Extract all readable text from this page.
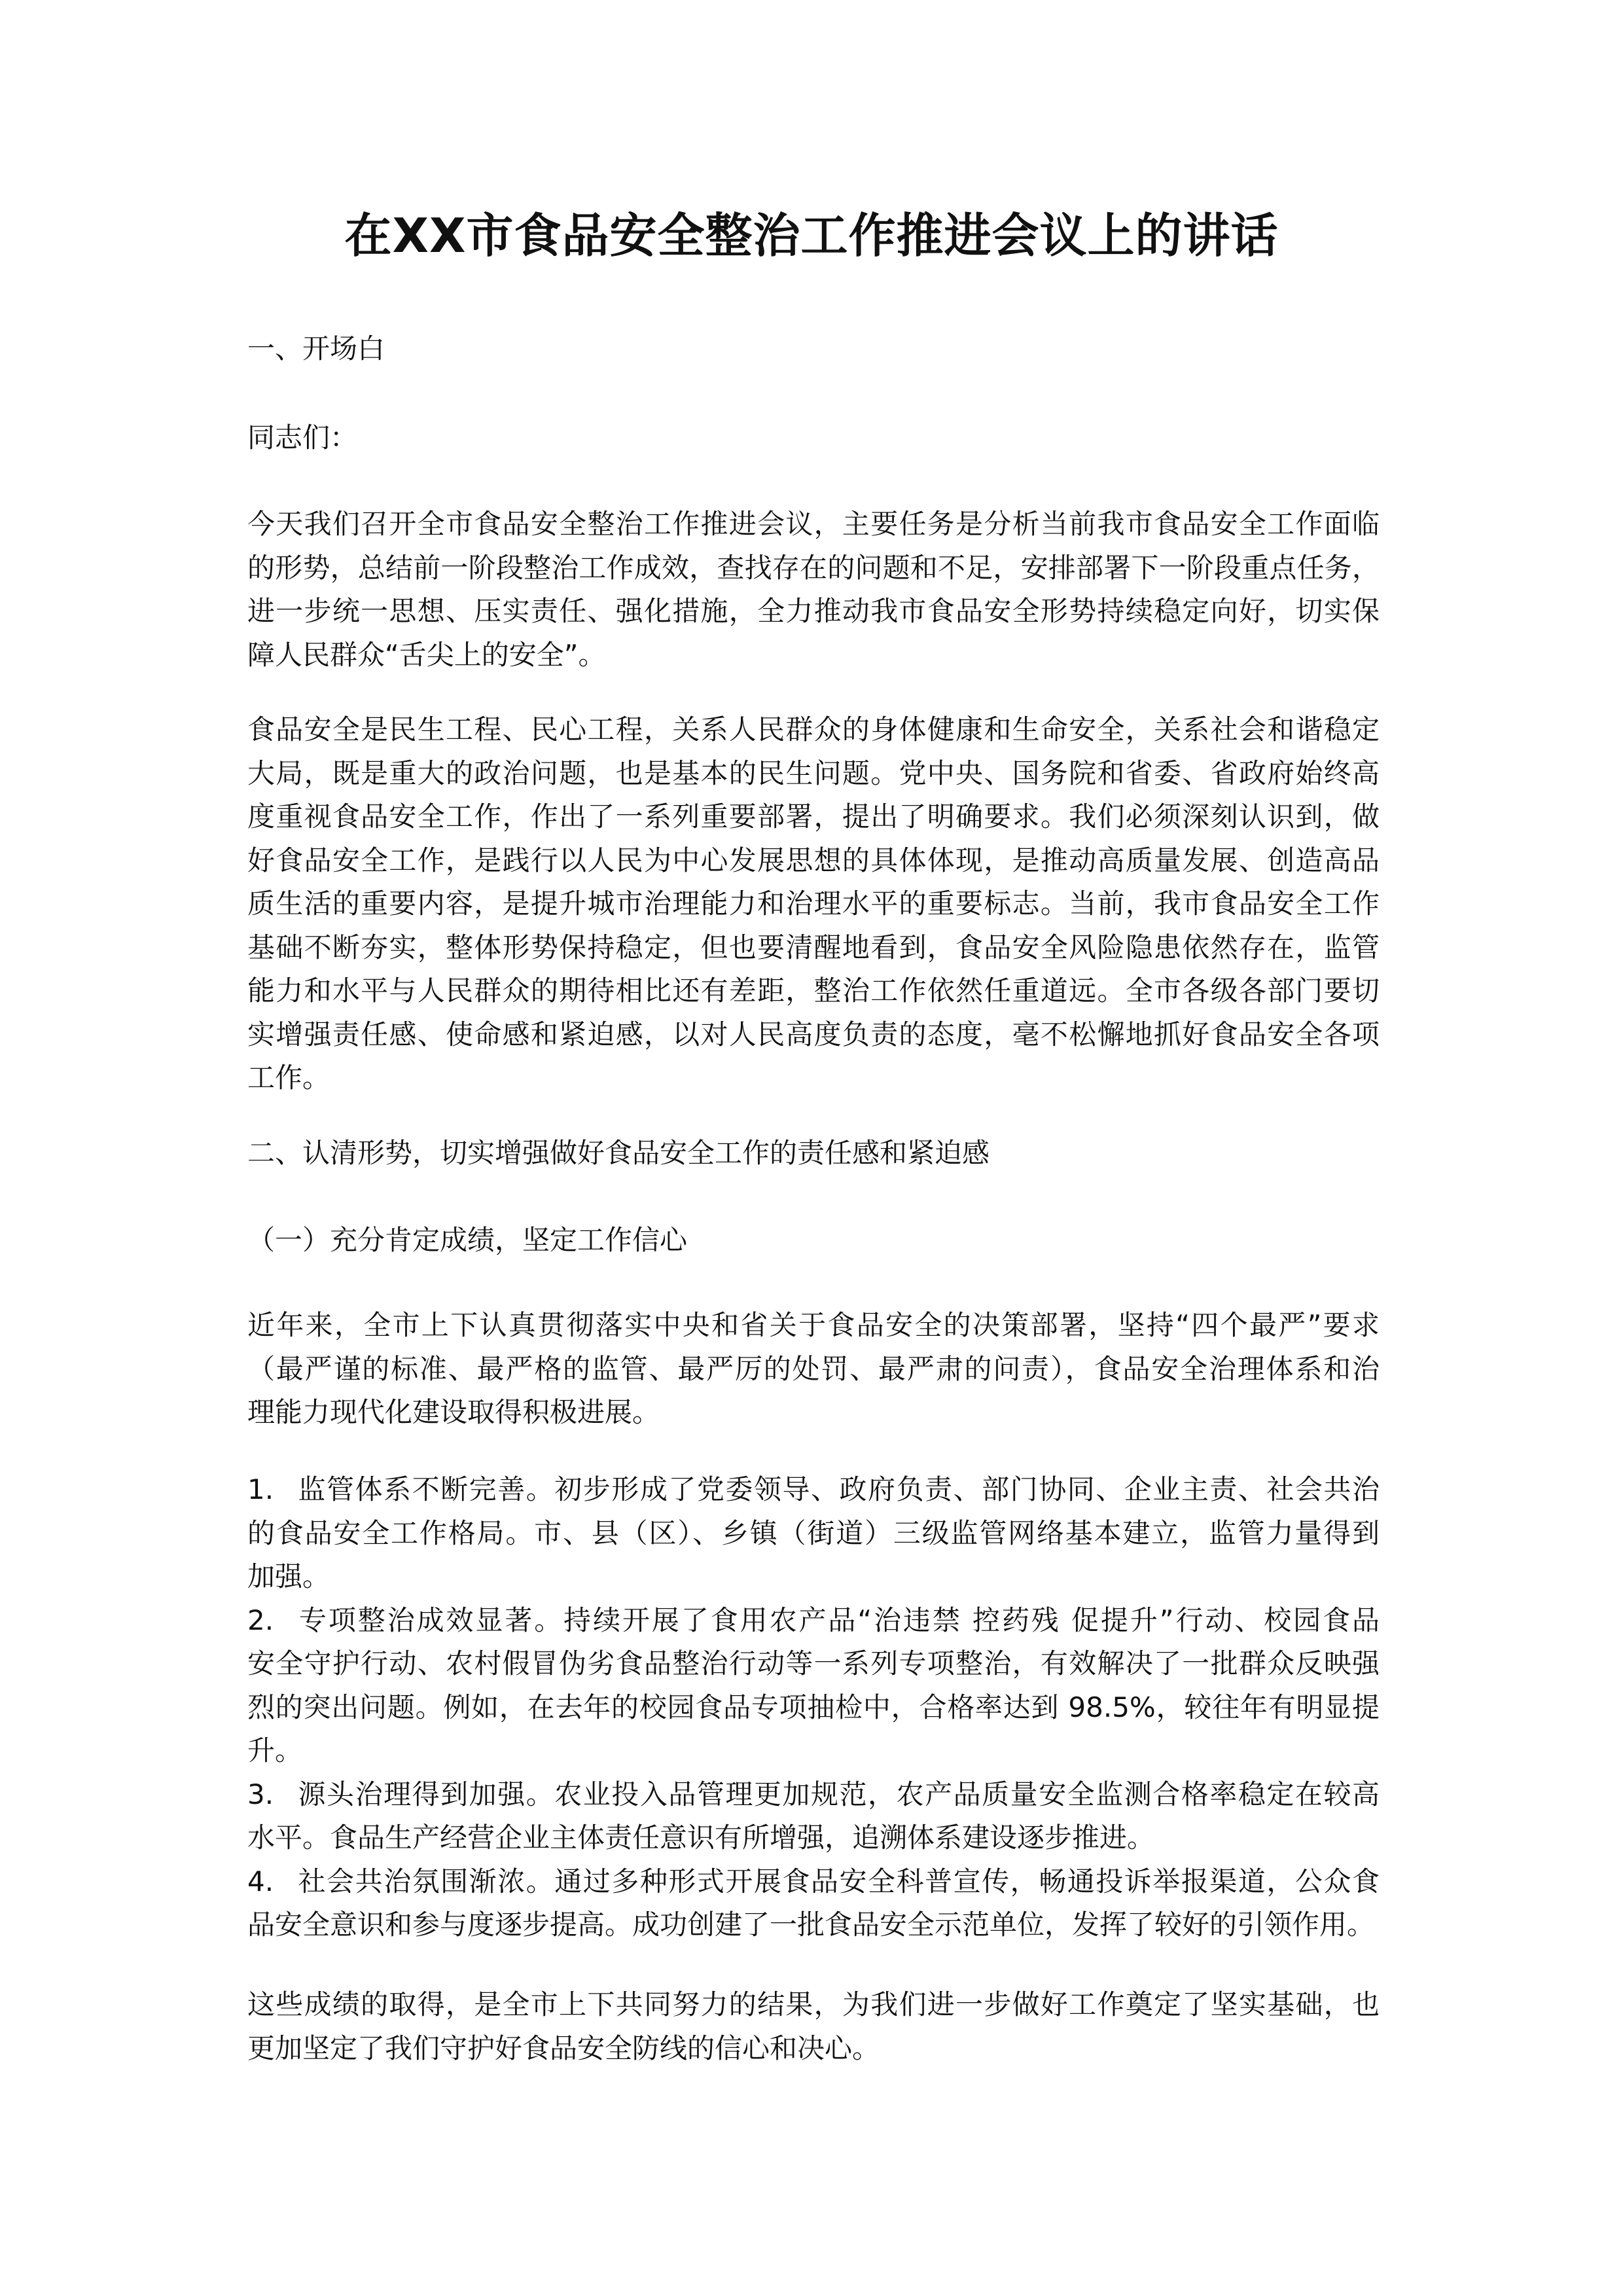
在XX市食品安全整治工作推进会议上的讲话
一、开场白
同志们：
今天我们召开全市食品安全整治工作推进会议，主要任务是分析当前我市食品安全工作面临
的形势，总结前一阶段整治工作成效，查找存在的问题和不足，安排部署下一阶段重点任务，
进一步统一思想、压实责任、强化措施，全力推动我市食品安全形势持续稳定向好，切实保
障人民群众“舌尖上的安全”。
食品安全是民生工程、民心工程，关系人民群众的身体健康和生命安全，关系社会和谐稳定
大局，既是重大的政治问题，也是基本的民生问题。党中央、国务院和省委、省政府始终高
度重视食品安全工作，作出了一系列重要部署，提出了明确要求。我们必须深刻认识到，做
好食品安全工作，是践行以人民为中心发展思想的具体体现，是推动高质量发展、创造高品
质生活的重要内容，是提升城市治理能力和治理水平的重要标志。当前，我市食品安全工作
基础不断夯实，整体形势保持稳定，但也要清醒地看到，食品安全风险隐患依然存在，监管
能力和水平与人民群众的期待相比还有差距，整治工作依然任重道远。全市各级各部门要切
实增强责任感、使命感和紧迫感，以对人民高度负责的态度，毫不松懈地抓好食品安全各项
工作。
二、认清形势，切实增强做好食品安全工作的责任感和紧迫感
（一）充分肯定成绩，坚定工作信心
近年来，全市上下认真贯彻落实中央和省关于食品安全的决策部署，坚持“四个最严”要求
（最严谨的标准、最严格的监管、最严厉的处罚、最严肃的问责），食品安全治理体系和治
理能力现代化建设取得积极进展。
1. 监管体系不断完善。初步形成了党委领导、政府负责、部门协同、企业主责、社会共治
的食品安全工作格局。市、县（区）、乡镇（街道）三级监管网络基本建立，监管力量得到
加强。
2. 专项整治成效显著。持续开展了食用农产品“治违禁 控药残 促提升”行动、校园食品
安全守护行动、农村假冒伪劣食品整治行动等一系列专项整治，有效解决了一批群众反映强
烈的突出问题。例如，在去年的校园食品专项抽检中，合格率达到 98.5%，较往年有明显提
升。
3. 源头治理得到加强。农业投入品管理更加规范，农产品质量安全监测合格率稳定在较高
水平。食品生产经营企业主体责任意识有所增强，追溯体系建设逐步推进。
4. 社会共治氛围渐浓。通过多种形式开展食品安全科普宣传，畅通投诉举报渠道，公众食
品安全意识和参与度逐步提高。成功创建了一批食品安全示范单位，发挥了较好的引领作用。
这些成绩的取得，是全市上下共同努力的结果，为我们进一步做好工作奠定了坚实基础，也
更加坚定了我们守护好食品安全防线的信心和决心。
